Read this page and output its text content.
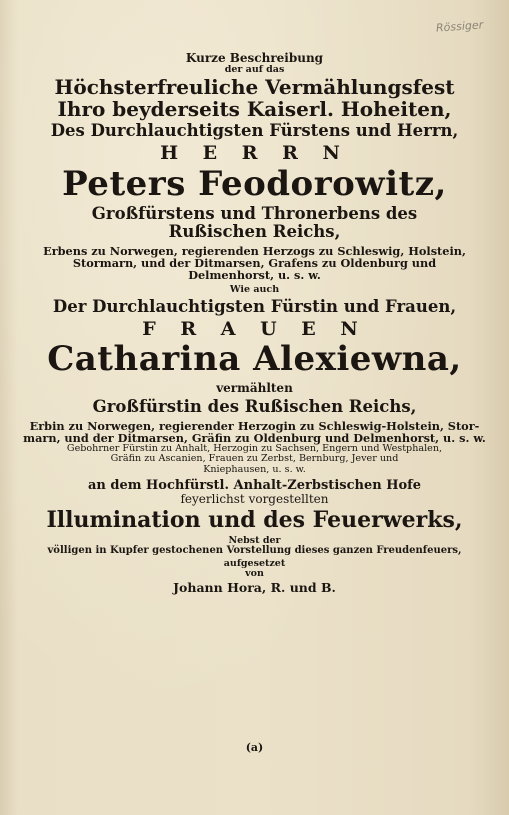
Rössiger

Kurze Beschreibung

der auf das

Höchsterfreuliche Vermählungsfest

Ihro beyderseits Kaiserl. Hoheiten,

Des Durchlauchtigsten Fürstens und Herrn,

H E R R N

Peters Feodorowitz,

Großfürstens und Thronerbens des

Rußischen Reichs,

Erbens zu Norwegen, regierenden Herzogs zu Schleswig, Holstein,

Stormarn, und der Ditmarsen, Grafens zu Oldenburg und

Delmenhorst, u. s. w.

Wie auch

Der Durchlauchtigsten Fürstin und Frauen,

F R A U E N

Catharina Alexiewna,

vermählten

Großfürstin des Rußischen Reichs,

Erbin zu Norwegen, regierender Herzogin zu Schleswig-Holstein, Stor-

marn, und der Ditmarsen, Gräfin zu Oldenburg und Delmenhorst, u. s. w.

Gebohrner Fürstin zu Anhalt, Herzogin zu Sachsen, Engern und Westphalen,

Gräfin zu Ascanien, Frauen zu Zerbst, Bernburg, Jever und

Kniephausen, u. s. w.

an dem Hochfürstl. Anhalt-Zerbstischen Hofe

feyerlichst vorgestellten

Illumination und des Feuerwerks,

Nebst der

völligen in Kupfer gestochenen Vorstellung dieses ganzen Freudenfeuers,

aufgesetzet

von

Johann Hora, R. und B.

(a)
